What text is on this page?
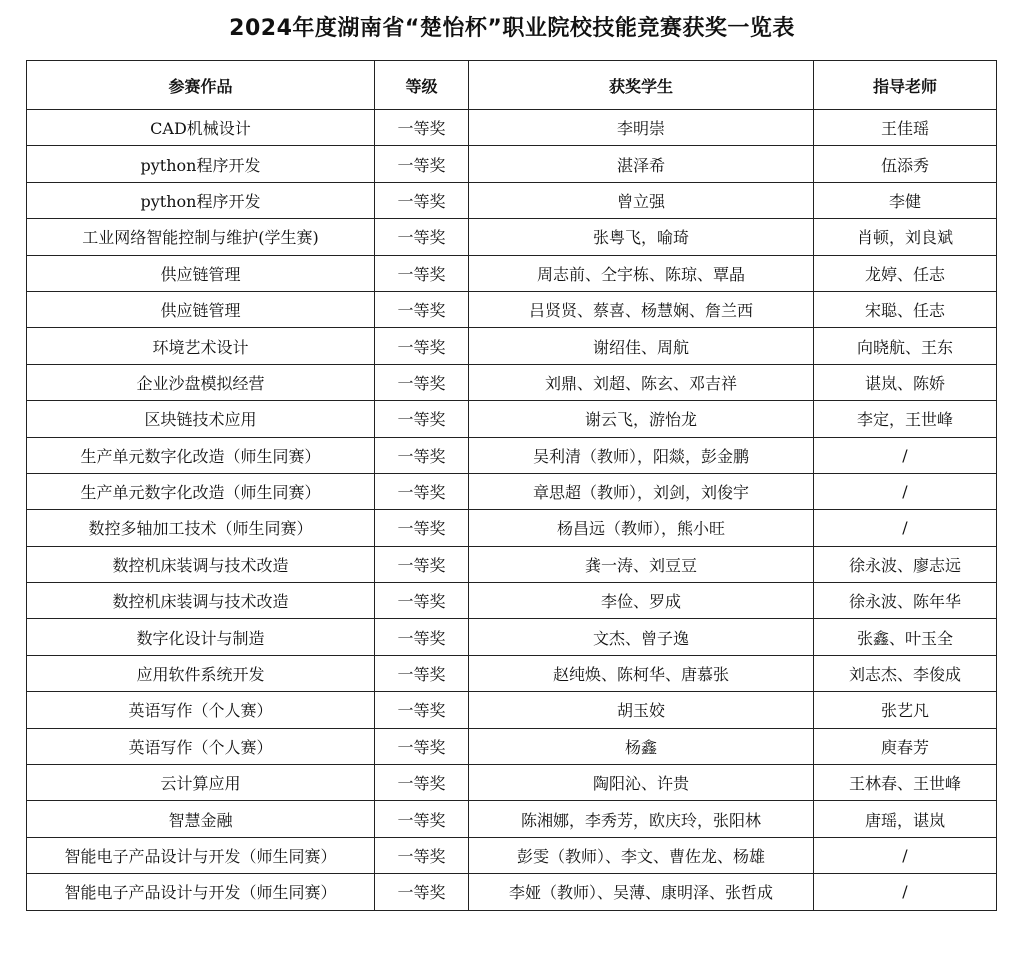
2024年度湖南省“楚怡杯”职业院校技能竞赛获奖一览表
参赛作品	等级	获奖学生	指导老师
CAD机械设计	一等奖	李明崇	王佳瑶
python程序开发	一等奖	湛泽希	伍添秀
python程序开发	一等奖	曾立强	李健
工业网络智能控制与维护(学生赛)	一等奖	张粤飞，喻琦	肖顿，刘良斌
供应链管理	一等奖	周志前、仝宇栋、陈琼、覃晶	龙婷、任志
供应链管理	一等奖	吕贤贤、蔡喜、杨慧娴、詹兰西	宋聪、任志
环境艺术设计	一等奖	谢绍佳、周航	向晓航、王东
企业沙盘模拟经营	一等奖	刘鼎、刘超、陈玄、邓吉祥	谌岚、陈娇
区块链技术应用	一等奖	谢云飞，游怡龙	李定，王世峰
生产单元数字化改造（师生同赛）	一等奖	吴利清（教师），阳燚，彭金鹏	/
生产单元数字化改造（师生同赛）	一等奖	章思超（教师），刘剑，刘俊宇	/
数控多轴加工技术（师生同赛）	一等奖	杨昌远（教师），熊小旺	/
数控机床装调与技术改造	一等奖	龚一涛、刘豆豆	徐永波、廖志远
数控机床装调与技术改造	一等奖	李俭、罗成	徐永波、陈年华
数字化设计与制造	一等奖	文杰、曾子逸	张鑫、叶玉全
应用软件系统开发	一等奖	赵纯焕、陈柯华、唐慕张	刘志杰、李俊成
英语写作（个人赛）	一等奖	胡玉姣	张艺凡
英语写作（个人赛）	一等奖	杨鑫	庾春芳
云计算应用	一等奖	陶阳沁、许贵	王林春、王世峰
智慧金融	一等奖	陈湘娜，李秀芳，欧庆玲，张阳林	唐瑶，谌岚
智能电子产品设计与开发（师生同赛）	一等奖	彭雯（教师）、李文、曹佐龙、杨雄	/
智能电子产品设计与开发（师生同赛）	一等奖	李娅（教师）、吴薄、康明泽、张哲成	/
